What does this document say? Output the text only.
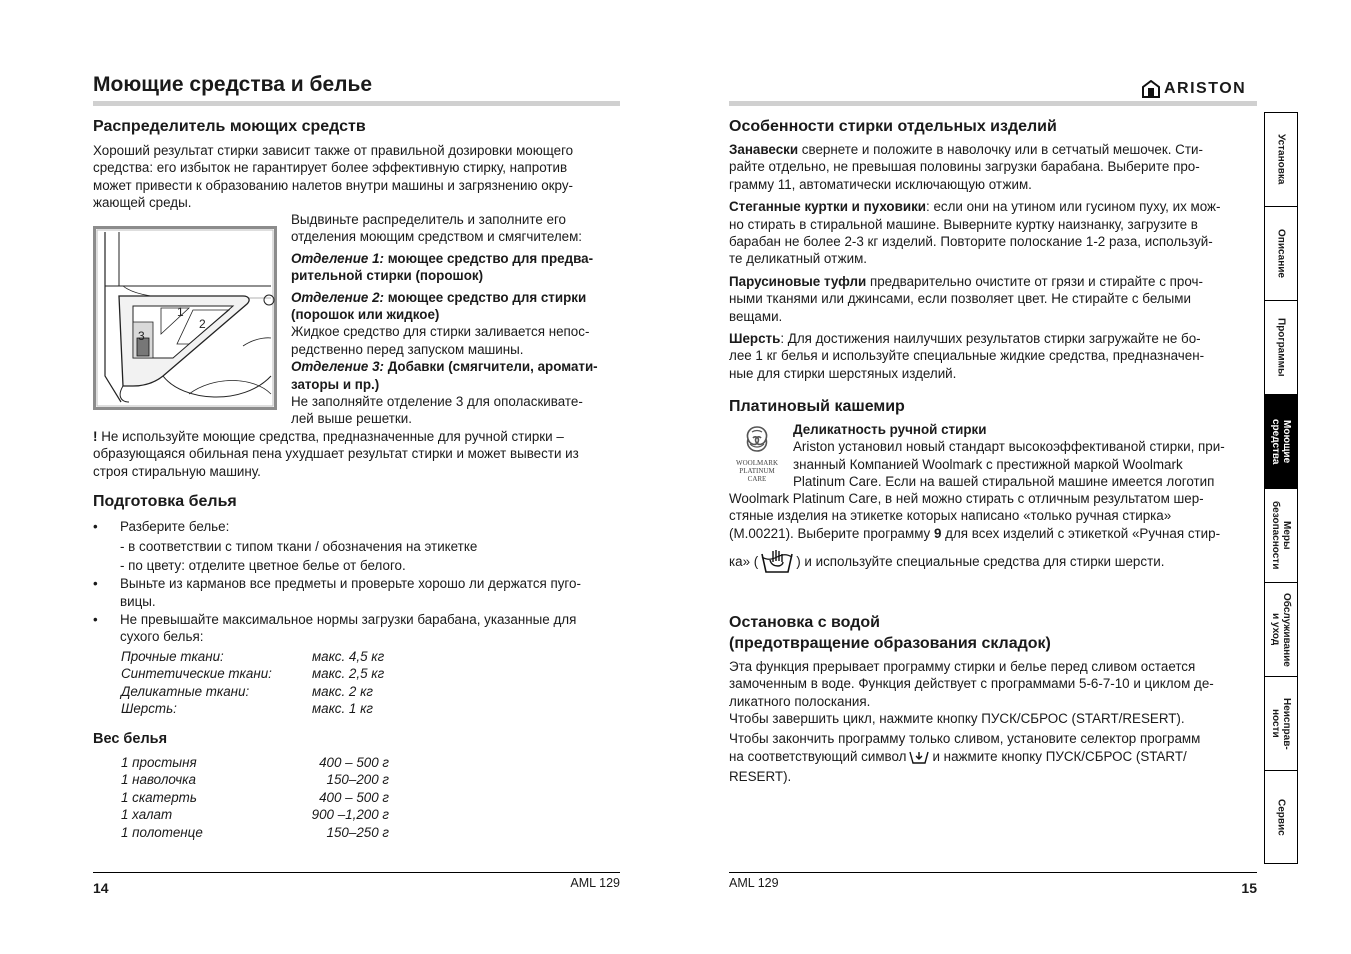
Моющие средства и белье
Распределитель моющих средств

Хороший результат стирки зависит также от правильной дозировки моющего

средства: его избыток не гарантирует более эффективную стирку, напротив

может привести к образованию налетов внутри машины и загрязнению окру-

жающей среды.

1
2
3

Выдвиньте распределитель и заполните его

отделения моющим средством и смягчителем:

Отделение 1: моющее средство для предва-

рительной стирки (порошок)

Отделение 2: моющее средство для стирки

(порошок или жидкое)

Жидкое средство для стирки заливается непос-

редственно перед запуском машины.

Отделение 3: Добавки (смягчители, аромати-

заторы и пр.)

Не заполняйте отделение 3 для ополаскивате-

лей выше решетки.

! Не используйте моющие средства, предназначенные для ручной стирки –

образующаяся обильная пена ухудшает результат стирки и может вывести из

строя стиральную машину.

Подготовка белья
• Разберите белье:

- в соответствии с типом ткани / обозначения на этикетке

- по цвету: отделите цветное белье от белого.

• Выньте из карманов все предметы и проверьте хорошо ли держатся пуго-

вицы.

• Не превышайте максимальное нормы загрузки барабана, указанные для

сухого белья:

Прочные ткани:	макс. 4,5 кг
Синтетические ткани:	макс. 2,5 кг
Деликатные ткани:	макс. 2 кг
Шерсть:	макс. 1 кг
Вес белья
1 простыня	400 – 500 г
1 наволочка	150–200 г
1 скатерть	400 – 500 г
1 халат	900 –1,200 г
1 полотенце	150–250 г
14	AML 129
ARISTON
Особенности стирки отдельных изделий

Занавески свернете и положите в наволочку или в сетчатый мешочек. Сти-

райте отдельно, не превышая половины загрузки барабана. Выберите про-

грамму 11, автоматически исключающую отжим.

Стеганные куртки и пуховики: если они на утином или гусином пуху, их мож-

но стирать в стиральной машине. Выверните куртку наизнанку, загрузите в

барабан не более 2-3 кг изделий. Повторите полоскание 1-2 раза, используй-

те деликатный отжим.

Парусиновые туфли предварительно очистите от грязи и стирайте с проч-

ными тканями или джинсами, если позволяет цвет. Не стирайте с белыми

вещами.

Шерсть: Для достижения наилучших результатов стирки загружайте не бо-

лее 1 кг белья и используйте специальные жидкие средства, предназначен-

ные для стирки шерстяных изделий.

Платиновый кашемир
WOOLMARK
PLATINUM
CARE

Деликатность ручной стирки

Ariston установил новый стандарт высокоэффективаной стирки, при-

знанный Компанией Woolmark с престижной маркой Woolmark

Platinum Care. Если на вашей стиральной машине имеется логотип

Woolmark Platinum Care, в ней можно стирать с отличным результатом шер-

стяные изделия на этикетке которых написано «только ручная стирка»

(М.00221). Выберите программу 9 для всех изделий с этикеткой «Ручная стир-

ка» (	) и используйте специальные средства для стирки шерсти.

Остановка с водой

(предотвращение образования складок)

Эта функция прерывает программу стирки и белье перед сливом остается

замоченным в воде. Функция действует с программами 5-6-7-10 и циклом де-

ликатного полоскания.

Чтобы завершить цикл, нажмите кнопку ПУСК/СБРОС (START/RESERT).

Чтобы закончить программу только сливом, установите селектор программ

на соответствующий символ и нажмите кнопку ПУСК/СБРОС (START/

RESERT).

AML 129	15
Установка
Описание
Программы
Моющие
средства
Меры
безопасности
Обслуживание
и уход
Неисправ-
ности
Сервис
